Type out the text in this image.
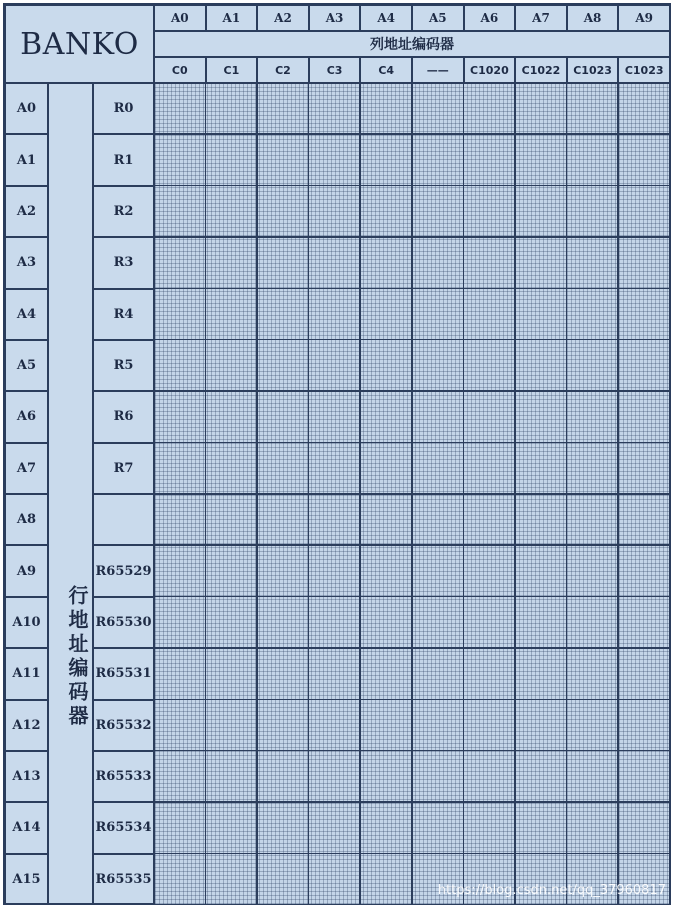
BANKO
A0	A1	A2	A3	A4	A5	A6	A7	A8	A9
列地址编码器
C0	C1	C2	C3	C4	——	C1020	C1022	C1023	C1023
A0	R0
A1	R1
A2	R2
A3	R3
A4	R4
A5	R5
A6	R6
A7	R7
A8
A9	R65529
A10	R65530
A11	R65531
A12	R65532
A13	R65533
A14	R65534
A15	R65535
行地址编码器
https://blog.csdn.net/qq_37960817
